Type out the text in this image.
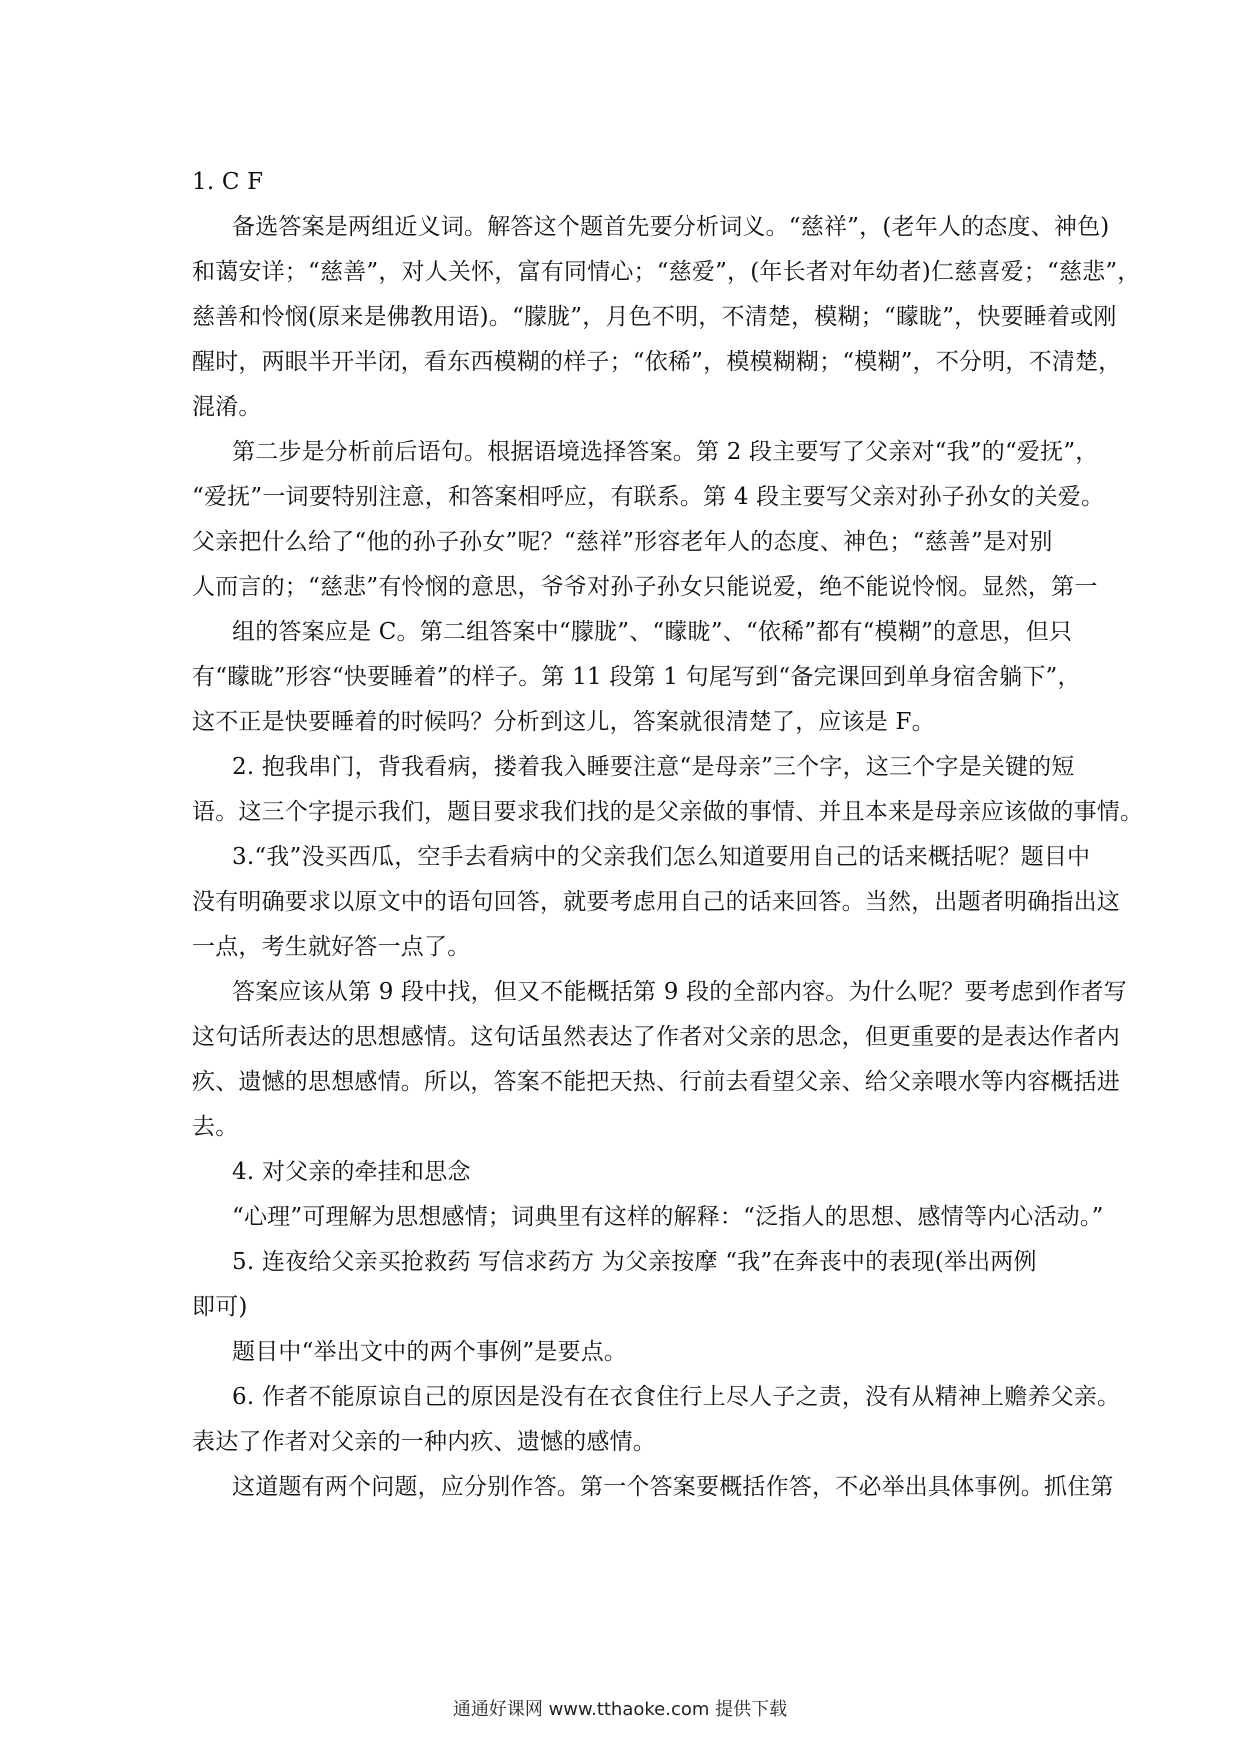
1. C F

备选答案是两组近义词。解答这个题首先要分析词义。“慈祥”，(老年人的态度、神色)

和蔼安详；“慈善”，对人关怀，富有同情心；“慈爱”，(年长者对年幼者)仁慈喜爱；“慈悲”，

慈善和怜悯(原来是佛教用语)。“朦胧”，月色不明，不清楚，模糊；“矇眬”，快要睡着或刚

醒时，两眼半开半闭，看东西模糊的样子；“依稀”，模模糊糊；“模糊”，不分明，不清楚，

混淆。

第二步是分析前后语句。根据语境选择答案。第 2 段主要写了父亲对“我”的“爱抚”，

“爱抚”一词要特别注意，和答案相呼应，有联系。第 4 段主要写父亲对孙子孙女的关爱。

父亲把什么给了“他的孙子孙女”呢？“慈祥”形容老年人的态度、神色；“慈善”是对别

人而言的；“慈悲”有怜悯的意思，爷爷对孙子孙女只能说爱，绝不能说怜悯。显然，第一

组的答案应是 C。第二组答案中“朦胧”、“矇眬”、“依稀”都有“模糊”的意思，但只

有“矇眬”形容“快要睡着”的样子。第 11 段第 1 句尾写到“备完课回到单身宿舍躺下”，

这不正是快要睡着的时候吗？分析到这儿，答案就很清楚了，应该是 F。

2. 抱我串门，背我看病，搂着我入睡要注意“是母亲”三个字，这三个字是关键的短

语。这三个字提示我们，题目要求我们找的是父亲做的事情、并且本来是母亲应该做的事情。

3.“我”没买西瓜，空手去看病中的父亲我们怎么知道要用自己的话来概括呢？题目中

没有明确要求以原文中的语句回答，就要考虑用自己的话来回答。当然，出题者明确指出这

一点，考生就好答一点了。

答案应该从第 9 段中找，但又不能概括第 9 段的全部内容。为什么呢？要考虑到作者写

这句话所表达的思想感情。这句话虽然表达了作者对父亲的思念，但更重要的是表达作者内

疚、遗憾的思想感情。所以，答案不能把天热、行前去看望父亲、给父亲喂水等内容概括进

去。

4. 对父亲的牵挂和思念

“心理”可理解为思想感情；词典里有这样的解释：“泛指人的思想、感情等内心活动。”

5. 连夜给父亲买抢救药 写信求药方 为父亲按摩 “我”在奔丧中的表现(举出两例

即可)

题目中“举出文中的两个事例”是要点。

6. 作者不能原谅自己的原因是没有在衣食住行上尽人子之责，没有从精神上赡养父亲。

表达了作者对父亲的一种内疚、遗憾的感情。

这道题有两个问题，应分别作答。第一个答案要概括作答，不必举出具体事例。抓住第

通通好课网 www.tthaoke.com 提供下载
